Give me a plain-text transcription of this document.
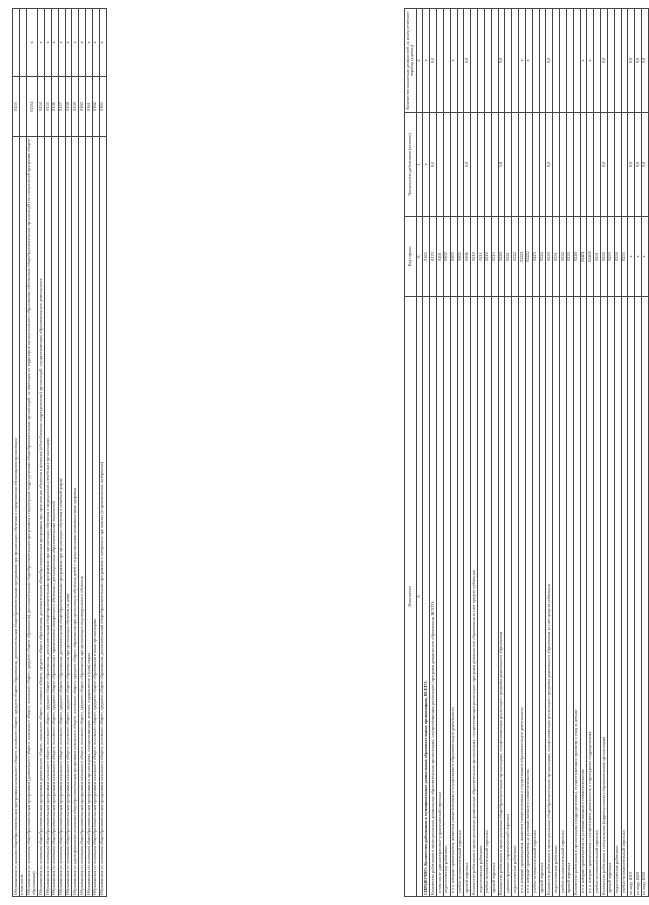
Обучавшихся по данным общеобразовательным программам начального общего, основного общего, среднего общего образования, дополнительным общеобразовательным программам при организации обучения и оздоровления обучающихся организации	0153	
в том числе		
Обучавшихся по основным общеобразовательным программам (дошкольного общего, начального общего, основного общего, среднего общего образования), дополнительным общеобразовательным программам в структурных подразделениях общеобразовательных организаций, не имеющих на территории муниципального образования собственных общеобразовательных организаций (по специальной программе общего образования)	01531	x
Обучавшихся по основным общеобразовательным программам дошкольного общего, начального общего, основного общего, среднего общего образования, дополнительным общеобразовательным программам при организации обучения в филиалах (обособленных подразделениях) организаций, осуществляющих образовательную деятельность	0154	x
Обучавшихся по основным общеобразовательным программам начального общего, основного общего, среднего общего образования, дополнительным общеобразовательным программам при организации обучения в медицинских (лечебных) организациях	0155	x
Обучавшихся по основным общеобразовательным программам начального общего, основного общего, среднего общего образования с применением электронного обучения и дистанционных образовательных технологий	0156	x
Обучавшихся по основным общеобразовательным программам начального общего, основного общего, среднего общего образования, дополнительным общеобразовательным программам при организации обучения в семейной форме	0157	x
Обучавшихся по основным общеобразовательным программам начального общего, основного общего, среднего общего образования при организации обучения на дому	0158	x
Обучавшихся по адаптированным основным общеобразовательным программам начального общего, основного общего, среднего общего образования при организации обучения детей с ограниченными возможностями здоровья	0159	x
Обучавшихся по основным общеобразовательным программам начального общего, основного общего, среднего общего образования при организации индивидуального обучения	0160	x
Обучавшихся по основным общеобразовательным программам в организациях, осуществляющих лечение, оздоровление и (или) отдых	0161	x
Обучавшихся по основным общеобразовательным программам начального общего, основного общего, среднего общего образования в иных организациях	0162	x
Обучавшихся по основным общеобразовательным программам начального общего, основного общего, среднего общего образования, дополнительным общеобразовательным программам в интернатах при школах (в пришкольных интернатах)	0163	x
Показатели	Код строки	Численность работников (человек)	Количество вакантных должностей на конец отчетного периода (единиц)
А	Б	1	2
СПРАВОЧНО: Количество работников в муниципальных дошкольных образовательных организациях, ВСЕГО:	0165	х	х
Количество работников в муниципальных дошкольных образовательных организациях, осуществляющих реализацию программ дошкольного образования, ВСЕГО:	0170	0,0	0,0
в том числе административно-управленческий персонал	0201		
педагогические работники	0202		
в т.ч. которые привлекаются, являются совместителями и осуществляют образовательную деятельность	0203		x
учебно-вспомогательный персонал	0205		
прочий персонал	0206	0,0	0,0
Количество работников в муниципальных дошкольных образовательных организациях, осуществляющих реализацию программ дошкольного образования за счет средств субвенции	0210		
педагогические работники	0211		
учебно-вспомогательный персонал	0212		
прочий персонал	0213		
Количество работников в муниципальных общеобразовательных организациях, осуществляющих реализацию программ дошкольного образования	0220	5,8	0,0
административно-управленческий персонал	0221		
педагогические работники	0222		
в т.ч. которые привлекаются, являются совместителями и осуществляют образовательную деятельность	02221		x
в т.ч. которые привлекаются на условиях внешнего совместительства	02222		x
учебно-вспомогательный персонал	0223		
прочий персонал	0224		
Количество работников в муниципальных общеобразовательных организациях, осуществляющих реализацию программ дошкольного образования за счет средств субвенции	0230	0,0	0,0
педагогические работники	0231		
учебно-вспомогательный персонал	0232		
прочий персонал	0233		
Количество работников в организациях (подразделениях), осуществляющих присмотр и уход за детьми	0240		
в т.ч. которые привлекаются на условиях внешнего совместительства	02401		x
в т.ч. которые привлекаются и осуществляют деятельность в структурных подразделениях	02402		x
учебно-вспомогательный персонал	0251		
Количество работников в специальных (коррекционных) образовательных организациях	0252	0,0	0,0
прочий персонал	0253		
педагогические работники	0254		
учебно-вспомогательный персонал	0255		
по коду 4010	х	0,0	0,0
по коду 4020	х	0,0	0,0
по коду 4030	х	0,0	0,0
